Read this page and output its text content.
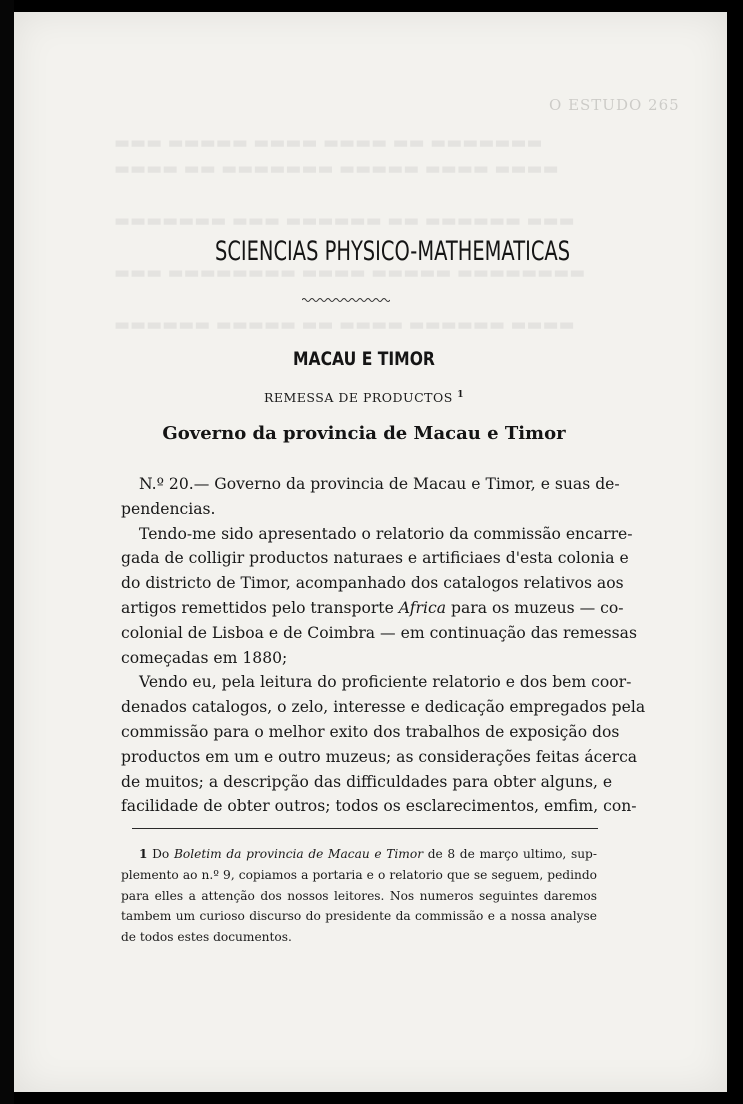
▬▬▬ ▬▬▬▬▬ ▬▬▬▬ ▬▬▬▬ ▬▬ ▬▬▬▬▬▬▬
▬▬▬▬ ▬▬ ▬▬▬▬▬▬▬ ▬▬▬▬▬ ▬▬▬▬ ▬▬▬▬
▬▬▬▬▬▬▬ ▬▬▬ ▬▬▬▬▬▬ ▬▬ ▬▬▬▬▬▬ ▬▬▬
▬▬▬ ▬▬▬▬▬▬▬▬ ▬▬▬▬ ▬▬▬▬▬ ▬▬▬▬▬▬▬▬
▬▬▬▬▬▬ ▬▬▬▬▬ ▬▬ ▬▬▬▬ ▬▬▬▬▬▬ ▬▬▬▬
O ESTUDO 265
SCIENCIAS PHYSICO-MATHEMATICAS
MACAU E TIMOR
REMESSA DE PRODUCTOS $^1$
Governo da provincia de Macau e Timor
N.º 20.— Governo da provincia de Macau e Timor, e suas de-
pendencias.
Tendo-me sido apresentado o relatorio da commissão encarre-
gada de colligir productos naturaes e artificiaes d'esta colonia e
do districto de Timor, acompanhado dos catalogos relativos aos
artigos remettidos pelo transporte Africa para os muzeus — co-
colonial de Lisboa e de Coimbra — em continuação das remessas
começadas em 1880;
Vendo eu, pela leitura do proficiente relatorio e dos bem coor-
denados catalogos, o zelo, interesse e dedicação empregados pela
commissão para o melhor exito dos trabalhos de exposição dos
productos em um e outro muzeus; as considerações feitas ácerca
de muitos; a descripção das difficuldades para obter alguns, e
facilidade de obter outros; todos os esclarecimentos, emfim, con-
1 Do Boletim da provincia de Macau e Timor de 8 de março ultimo, sup-
plemento ao n.º 9, copiamos a portaria e o relatorio que se seguem, pedindo
para elles a attenção dos nossos leitores. Nos numeros seguintes daremos
tambem um curioso discurso do presidente da commissão e a nossa analyse
de todos estes documentos.
